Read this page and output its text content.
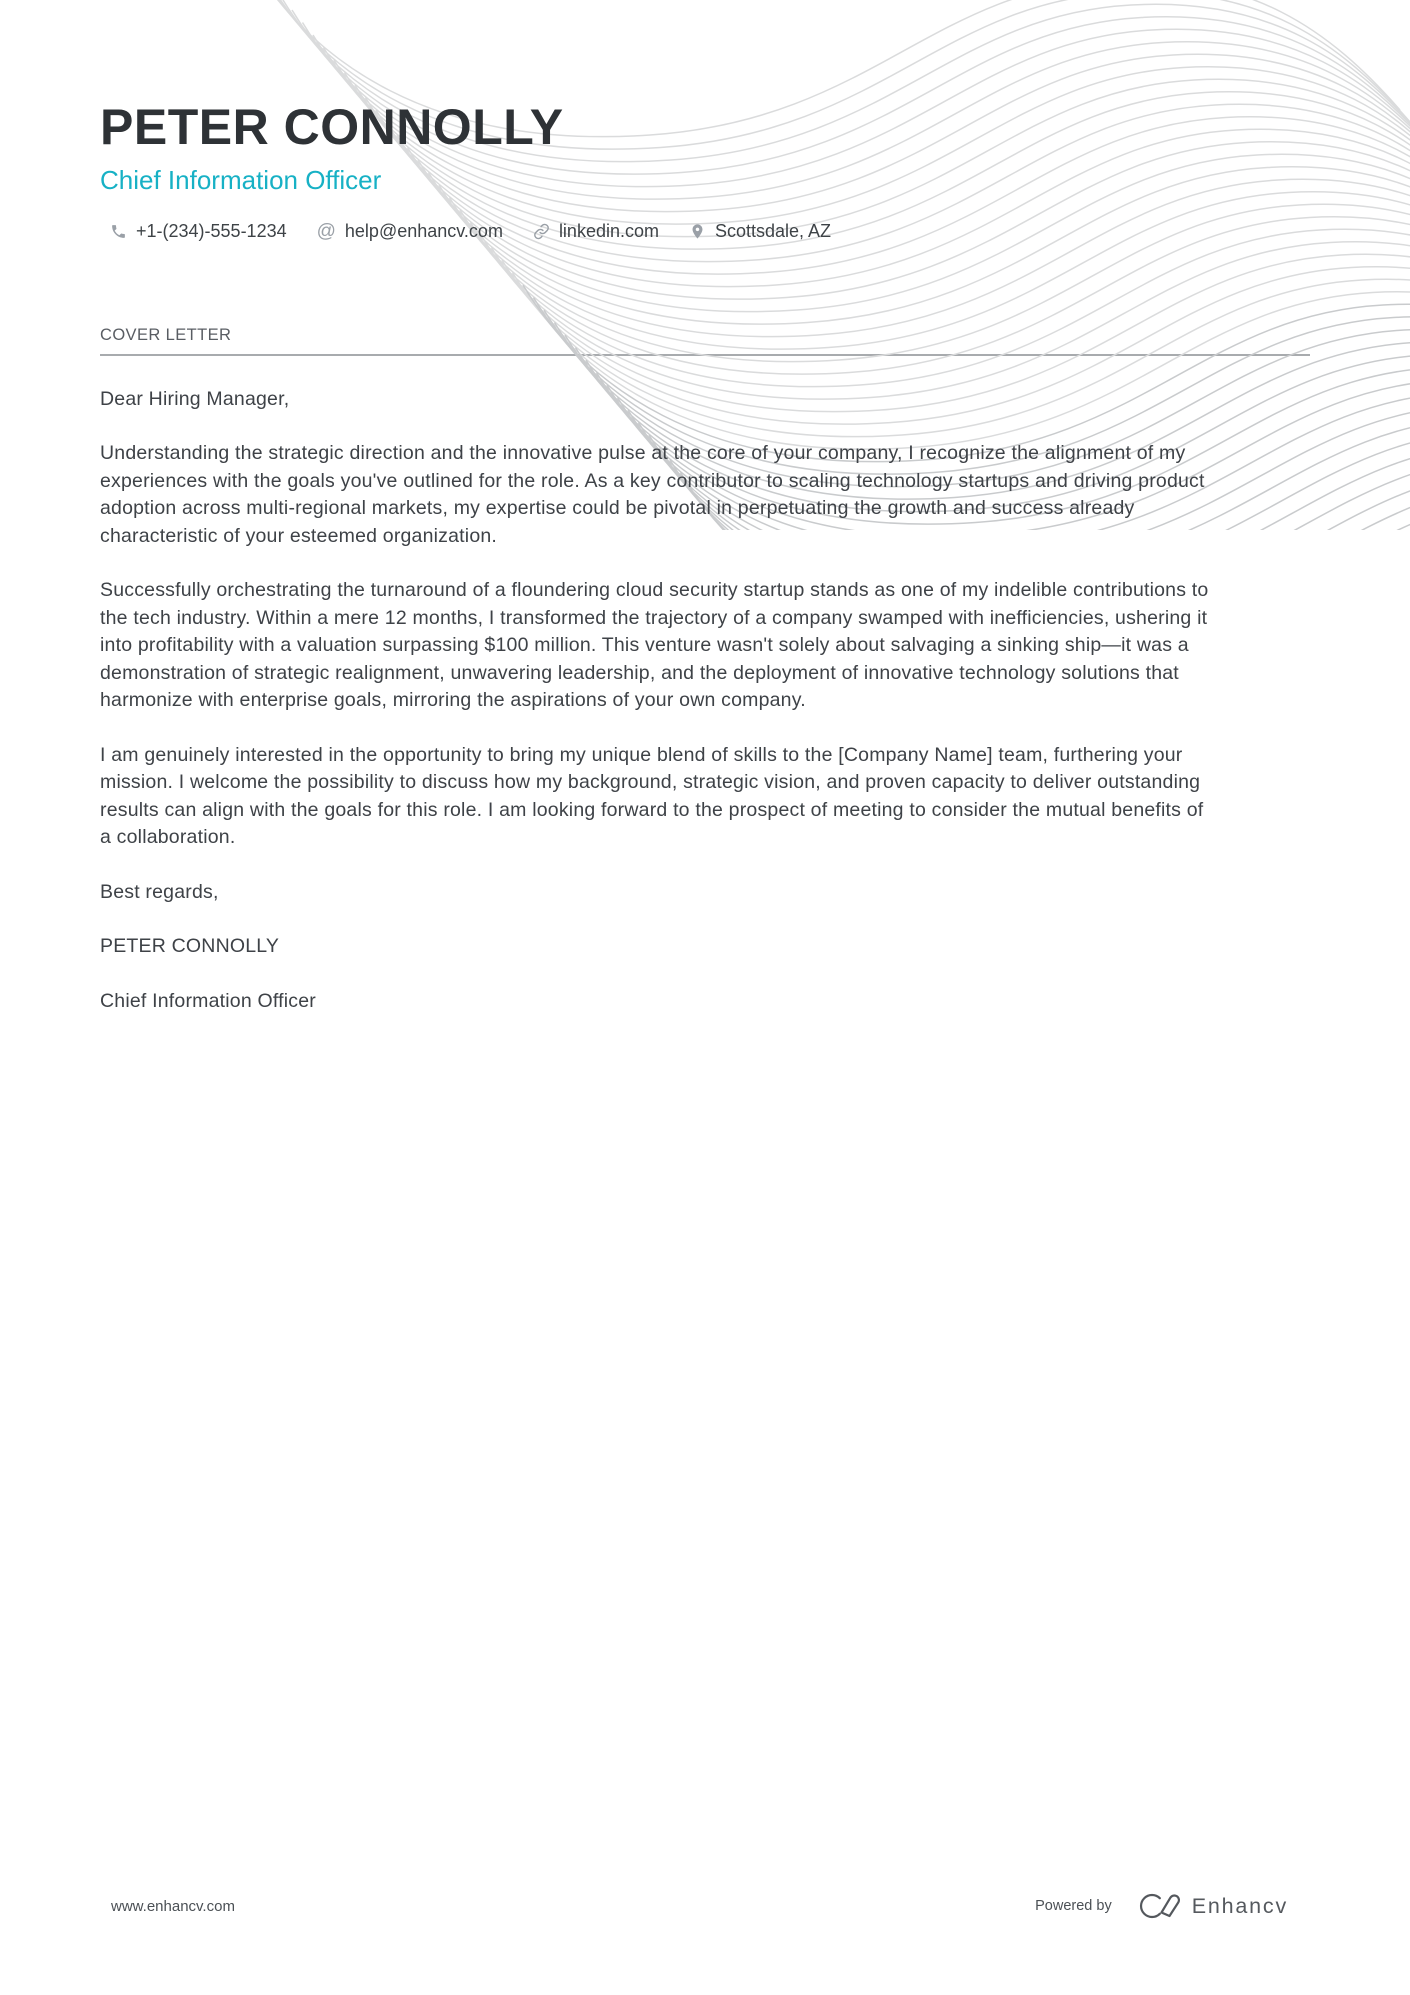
PETER CONNOLLY
Chief Information Officer
+1-(234)-555-1234 @ help@enhancv.com	linkedin.com	Scottsdale, AZ
COVER LETTER

Dear Hiring Manager,

Understanding the strategic direction and the innovative pulse at the core of your company, I recognize the alignment of my experiences with the goals you've outlined for the role. As a key contributor to scaling technology startups and driving product adoption across multi-regional markets, my expertise could be pivotal in perpetuating the growth and success already characteristic of your esteemed organization.

Successfully orchestrating the turnaround of a floundering cloud security startup stands as one of my indelible contributions to the tech industry. Within a mere 12 months, I transformed the trajectory of a company swamped with inefficiencies, ushering it into profitability with a valuation surpassing $100 million. This venture wasn't solely about salvaging a sinking ship—it was a demonstration of strategic realignment, unwavering leadership, and the deployment of innovative technology solutions that harmonize with enterprise goals, mirroring the aspirations of your own company.

I am genuinely interested in the opportunity to bring my unique blend of skills to the [Company Name] team, furthering your mission. I welcome the possibility to discuss how my background, strategic vision, and proven capacity to deliver outstanding results can align with the goals for this role. I am looking forward to the prospect of meeting to consider the mutual benefits of a collaboration.

Best regards,

PETER CONNOLLY

Chief Information Officer

www.enhancv.com	Powered by	Enhancv
